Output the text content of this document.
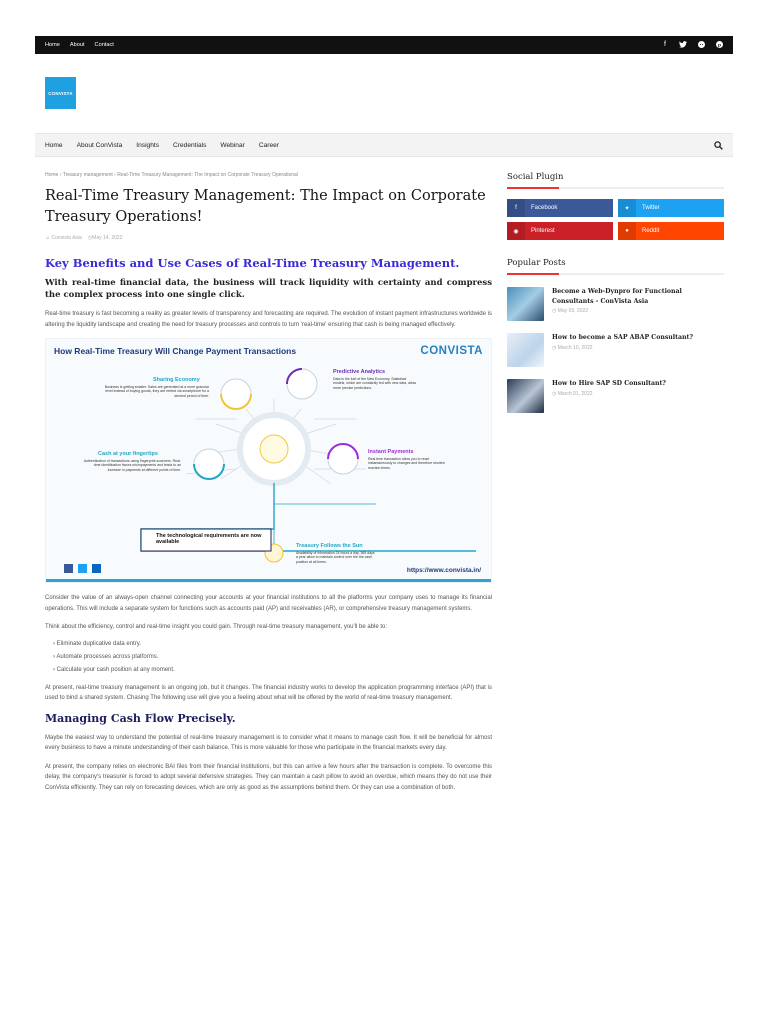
Home About Contact	f	p
CONVISTA
Home About ConVista Insights Credentials Webinar Career
Home › Treasury management › Real-Time Treasury Management: The Impact on Corporate Treasury Operational
Real-Time Treasury Management: The Impact on Corporate Treasury Operations!
☺ Convista Asia ◷May 14, 2022
Key Benefits and Use Cases of Real-Time Treasury Management.

With real-time financial data, the business will track liquidity with certainty and compress the complex process into one single click.

Real-time treasury is fast becoming a reality as greater levels of transparency and forecasting are required. The evolution of instant payment infrastructures worldwide is altering the liquidity landscape and creating the need for treasury processes and controls to turn 'real-time' ensuring that cash is being managed effectively.

How Real-Time Treasury Will Change Payment Transactions	CONVISTA
Sharing Economy
Business is getting smaller. Sales are generated at a more granular level instead of buying goods, they are rented via smartphone for a desired period of time.
Predictive Analytics
Data is the fuel of the New Economy. Statistical models, which are constantly fed with new data, allow more precise predictions.
Cash at your fingertips
Authentication of transactions using fingerprint scanners. Real-time identification favors micropayments and leads to an increase in payments at different points of time.
Instant Payments
Real-time transaction allow you to react instantaneously to changes and therefore shorten reaction times.
The technological requirements are now available
Treasury Follows the Sun
Availability of information 24 hours a day, 365 days a year allow to maintain control over the the cash position at all times.
https://www.convista.in/

Consider the value of an always-open channel connecting your accounts at your financial institutions to all the platforms your company uses to manage its financial operations. This will include a separate system for functions such as accounts paid (AP) and receivables (AR), or comprehensive treasury management systems.

Think about the efficiency, control and real-time insight you could gain. Through real-time treasury management, you'll be able to:

› Eliminate duplicative data entry.
› Automate processes across platforms.
› Calculate your cash position at any moment.

At present, real-time treasury management is an ongoing job, but it changes. The financial industry works to develop the application programming interface (API) that is used to bind a shared system. Chasing The following use will give you a feeling about what will be offered by the world of real-time treasury management.

Managing Cash Flow Precisely.

Maybe the easiest way to understand the potential of real-time treasury management is to consider what it means to manage cash flow. It will be beneficial for almost every business to have a minute understanding of their cash balance. This is more valuable for those who participate in the financial markets every day.

At present, the company relies on electronic BAI files from their financial institutions, but this can arrive a few hours after the transaction is complete. To overcome this delay, the company's treasurer is forced to adopt several defensive strategies. They can maintain a cash pillow to avoid an overdue, which means they do not use their ConVista efficiently. They can rely on forecasting devices, which are only as good as the assumptions behind them. Or they can use a combination of both.

Social Plugin
f	Facebook	✦	Twitter
◉	Pinterest	●	Reddit
Popular Posts
Become a Web-Dynpro for Functional Consultants - ConVista Asia
◷ May 03, 2022
How to become a SAP ABAP Consultant?
◷ March 10, 2022
How to Hire SAP SD Consultant?
◷ March 01, 2022
